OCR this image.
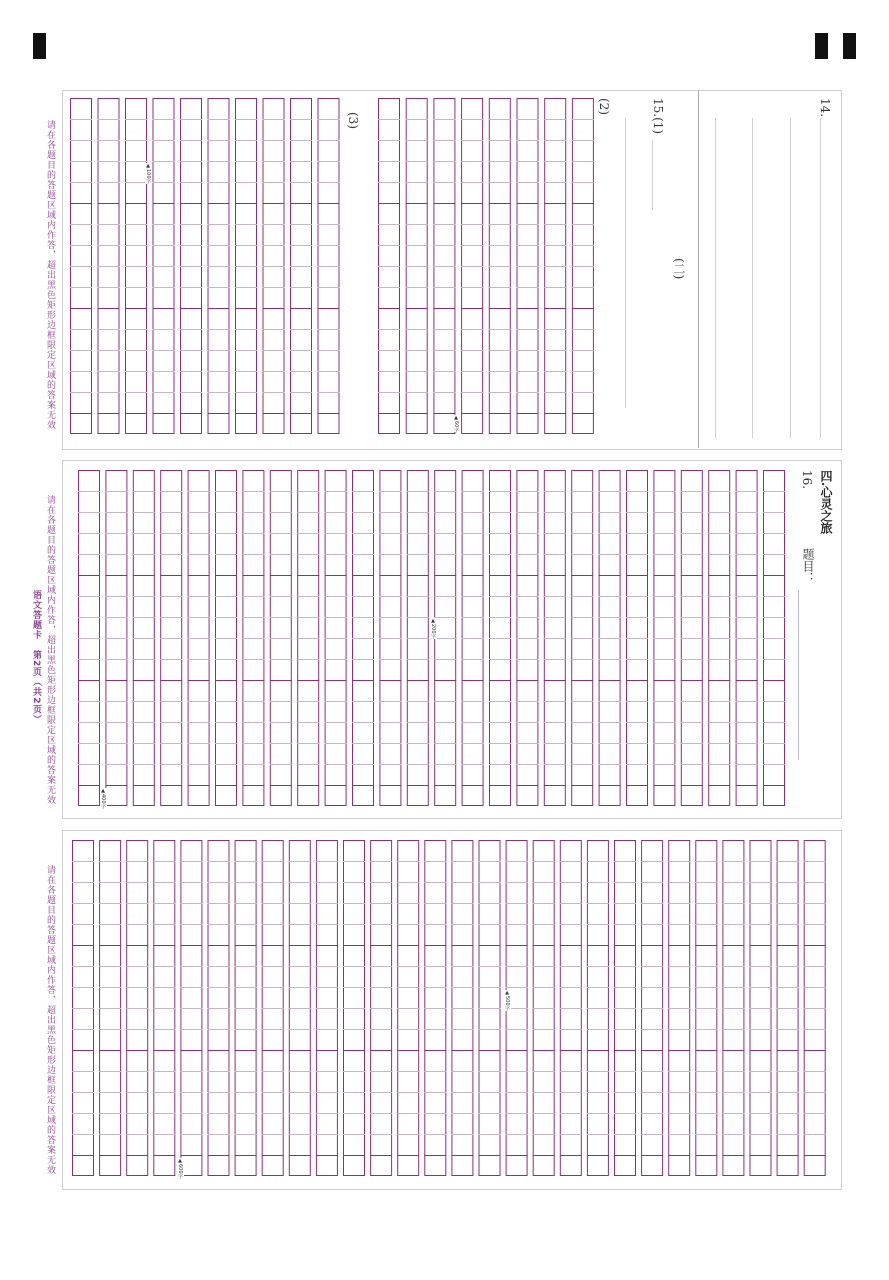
请在各题目的答题区域内作答，超出黑色矩形边框限定区域的答案无效	▲100字
▲60字
(3)
(2)	15.(1)
(二)
14.
请在各题目的答题区域内作答，超出黑色矩形边框限定区域的答案无效
语文答题卡　第2页（共2页）
▲400字
▲200字
四.心灵之旅
16.
题目：
请在各题目的答题区域内作答，超出黑色矩形边框限定区域的答案无效	▲600字
▲500字
